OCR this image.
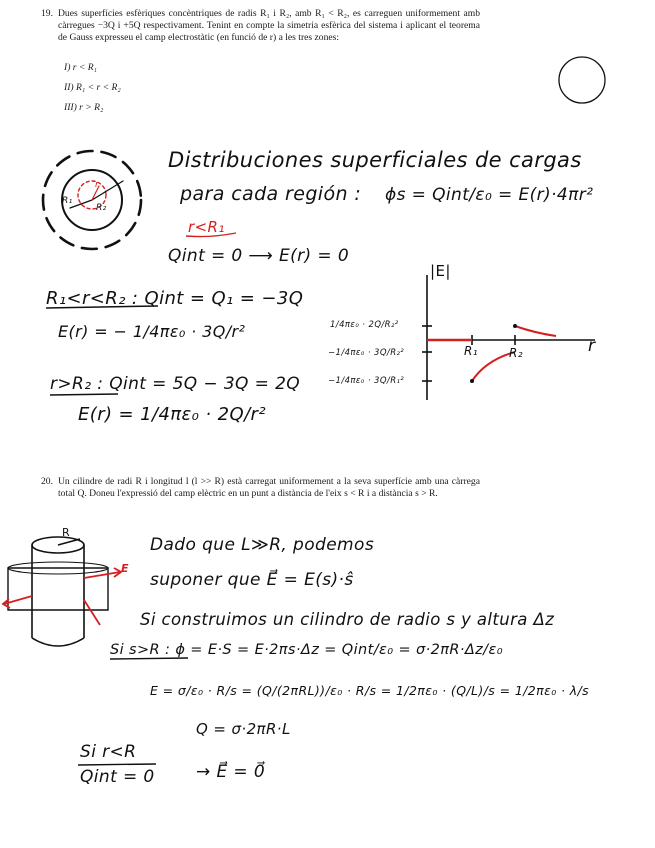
19. Dues superfícies esfèriques concèntriques de radis R₁ i R₂, amb R₁ < R₂, es carreguen uniformement amb càrregues −3Q i +5Q respectivament. Tenint en compte la simetria esfèrica del sistema i aplicant el teorema de Gauss expresseu el camp electrostàtic (en funció de r) a les tres zones:
I) r < R₁
II) R₁ < r < R₂
III) r > R₂
R₁
R₂
r
Distribuciones superficiales de cargas
para cada región : ϕs = Qint/ε₀ = E(r)·4πr²
r<R₁
Qint = 0 ⟶ E(r) = 0
R₁<r<R₂ : Qint = Q₁ = −3Q
E(r) = − 1/4πε₀ · 3Q/r²
r>R₂ : Qint = 5Q − 3Q = 2Q
E(r) = 1/4πε₀ · 2Q/r²
|E|
r
R₁	R₂
1/4πε₀ · 2Q/R₂²
−1/4πε₀ · 3Q/R₂²
−1/4πε₀ · 3Q/R₁²
20. Un cilindre de radi R i longitud l (l >> R) està carregat uniformement a la seva superfície amb una càrrega total Q. Doneu l'expressió del camp elèctric en un punt a distància de l'eix s < R i a distància s > R.
R
E
Dado que L≫R, podemos
suponer que E⃗ = E(s)·ŝ
Si construimos un cilindro de radio s y altura Δz
Si s>R : ϕ = E·S = E·2πs·Δz = Qint/ε₀ = σ·2πR·Δz/ε₀
E = σ/ε₀ · R/s = (Q/(2πRL))/ε₀ · R/s = 1/2πε₀ · (Q/L)/s = 1/2πε₀ · λ/s
Q = σ·2πR·L
Si r<R
Qint = 0 → E⃗ = 0⃗
